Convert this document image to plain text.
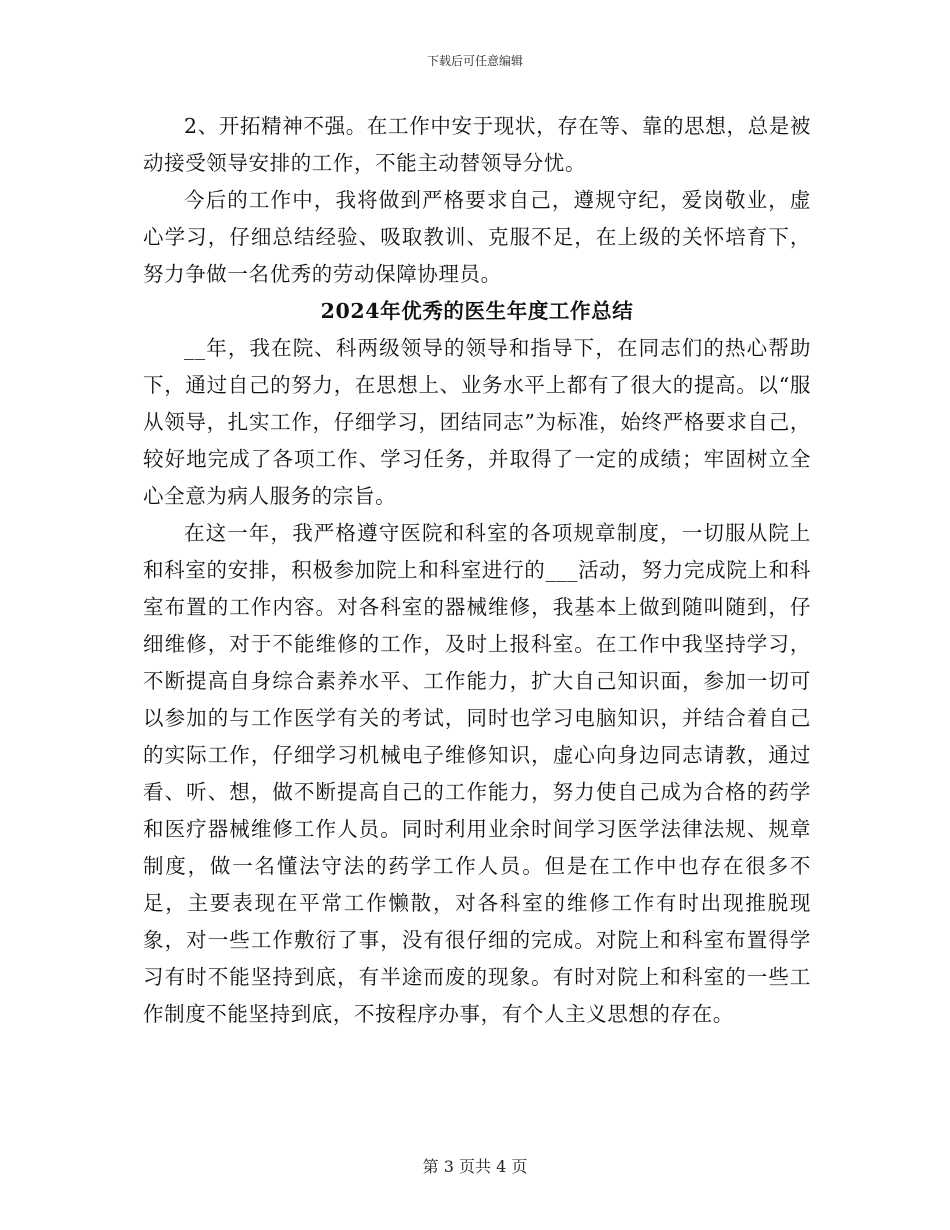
下载后可任意编辑

2、开拓精神不强。在工作中安于现状，存在等、靠的思想，总是被动接受领导安排的工作，不能主动替领导分忧。

今后的工作中，我将做到严格要求自己，遵规守纪，爱岗敬业，虚心学习，仔细总结经验、吸取教训、克服不足，在上级的关怀培育下，努力争做一名优秀的劳动保障协理员。

2024年优秀的医生年度工作总结

__年，我在院、科两级领导的领导和指导下，在同志们的热心帮助下，通过自己的努力，在思想上、业务水平上都有了很大的提高。以“服从领导，扎实工作，仔细学习，团结同志”为标准，始终严格要求自己，较好地完成了各项工作、学习任务，并取得了一定的成绩；牢固树立全心全意为病人服务的宗旨。

在这一年，我严格遵守医院和科室的各项规章制度，一切服从院上和科室的安排，积极参加院上和科室进行的___活动，努力完成院上和科室布置的工作内容。对各科室的器械维修，我基本上做到随叫随到，仔细维修，对于不能维修的工作，及时上报科室。在工作中我坚持学习，不断提高自身综合素养水平、工作能力，扩大自己知识面，参加一切可以参加的与工作医学有关的考试，同时也学习电脑知识，并结合着自己的实际工作，仔细学习机械电子维修知识，虚心向身边同志请教，通过看、听、想，做不断提高自己的工作能力，努力使自己成为合格的药学和医疗器械维修工作人员。同时利用业余时间学习医学法律法规、规章制度，做一名懂法守法的药学工作人员。但是在工作中也存在很多不足，主要表现在平常工作懒散，对各科室的维修工作有时出现推脱现象，对一些工作敷衍了事，没有很仔细的完成。对院上和科室布置得学习有时不能坚持到底，有半途而废的现象。有时对院上和科室的一些工作制度不能坚持到底，不按程序办事，有个人主义思想的存在。

第 3 页共 4 页
